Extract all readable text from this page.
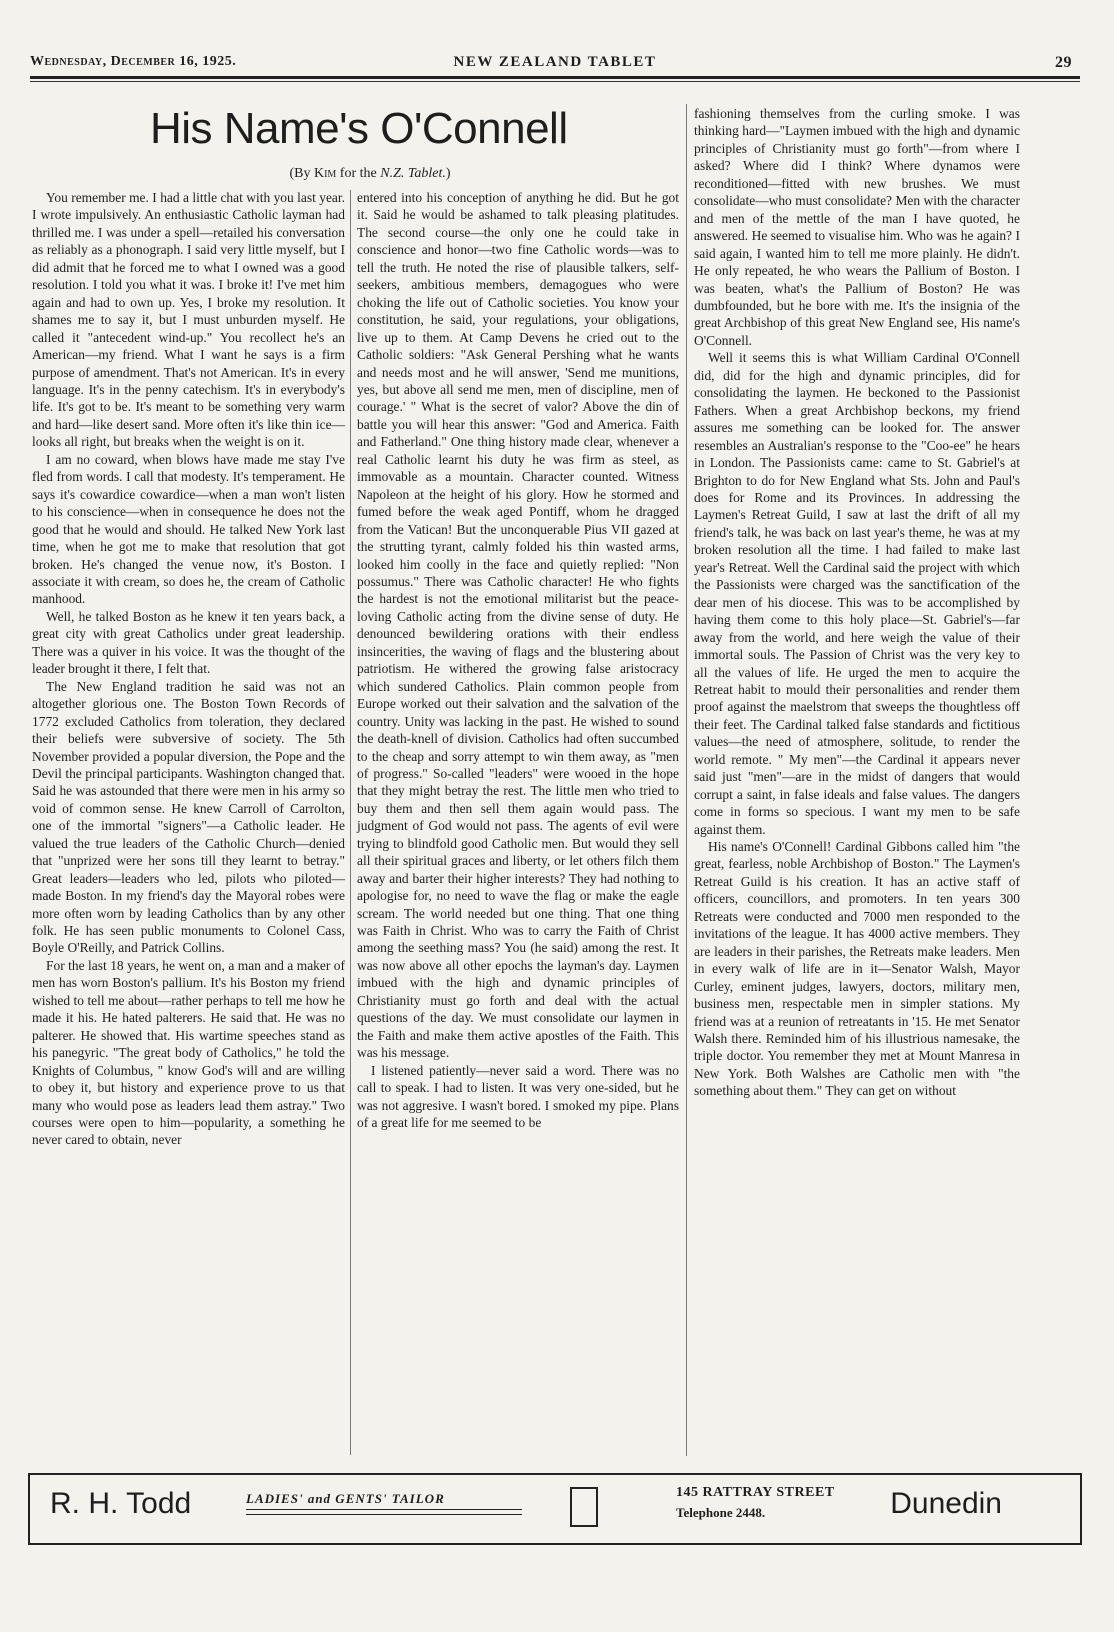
Wednesday, December 16, 1925.	NEW ZEALAND TABLET	29
His Name's O'Connell
(By Kim for the N.Z. Tablet.)

You remember me. I had a little chat with you last year. I wrote impulsively. An enthusiastic Catholic layman had thrilled me. I was under a spell—retailed his conversation as reliably as a phonograph. I said very little myself, but I did admit that he forced me to what I owned was a good resolution. I told you what it was. I broke it! I've met him again and had to own up. Yes, I broke my resolution. It shames me to say it, but I must unburden myself. He called it "antecedent wind-up." You recollect he's an American—my friend. What I want he says is a firm purpose of amendment. That's not American. It's in every language. It's in the penny catechism. It's in everybody's life. It's got to be. It's meant to be something very warm and hard—like desert sand. More often it's like thin ice—looks all right, but breaks when the weight is on it.

I am no coward, when blows have made me stay I've fled from words. I call that modesty. It's temperament. He says it's cowardice cowardice—when a man won't listen to his conscience—when in consequence he does not the good that he would and should. He talked New York last time, when he got me to make that resolution that got broken. He's changed the venue now, it's Boston. I associate it with cream, so does he, the cream of Catholic manhood.

Well, he talked Boston as he knew it ten years back, a great city with great Catholics under great leadership. There was a quiver in his voice. It was the thought of the leader brought it there, I felt that.

The New England tradition he said was not an altogether glorious one. The Boston Town Records of 1772 excluded Catholics from toleration, they declared their beliefs were subversive of society. The 5th November provided a popular diversion, the Pope and the Devil the principal participants. Washington changed that. Said he was astounded that there were men in his army so void of common sense. He knew Carroll of Carrolton, one of the immortal "signers"—a Catholic leader. He valued the true leaders of the Catholic Church—denied that "unprized were her sons till they learnt to betray." Great leaders—leaders who led, pilots who piloted—made Boston. In my friend's day the Mayoral robes were more often worn by leading Catholics than by any other folk. He has seen public monuments to Colonel Cass, Boyle O'Reilly, and Patrick Collins.

For the last 18 years, he went on, a man and a maker of men has worn Boston's pallium. It's his Boston my friend wished to tell me about—rather perhaps to tell me how he made it his. He hated palterers. He said that. He was no palterer. He showed that. His wartime speeches stand as his panegyric. "The great body of Catholics," he told the Knights of Columbus, " know God's will and are willing to obey it, but history and experience prove to us that many who would pose as leaders lead them astray." Two courses were open to him—popularity, a something he never cared to obtain, never

entered into his conception of anything he did. But he got it. Said he would be ashamed to talk pleasing platitudes. The second course—the only one he could take in conscience and honor—two fine Catholic words—was to tell the truth. He noted the rise of plausible talkers, self-seekers, ambitious members, demagogues who were choking the life out of Catholic societies. You know your constitution, he said, your regulations, your obligations, live up to them. At Camp Devens he cried out to the Catholic soldiers: "Ask General Pershing what he wants and needs most and he will answer, 'Send me munitions, yes, but above all send me men, men of discipline, men of courage.' " What is the secret of valor? Above the din of battle you will hear this answer: "God and America. Faith and Fatherland." One thing history made clear, whenever a real Catholic learnt his duty he was firm as steel, as immovable as a mountain. Character counted. Witness Napoleon at the height of his glory. How he stormed and fumed before the weak aged Pontiff, whom he dragged from the Vatican! But the unconquerable Pius VII gazed at the strutting tyrant, calmly folded his thin wasted arms, looked him coolly in the face and quietly replied: "Non possumus." There was Catholic character! He who fights the hardest is not the emotional militarist but the peace-loving Catholic acting from the divine sense of duty. He denounced bewildering orations with their endless insincerities, the waving of flags and the blustering about patriotism. He withered the growing false aristocracy which sundered Catholics. Plain common people from Europe worked out their salvation and the salvation of the country. Unity was lacking in the past. He wished to sound the death-knell of division. Catholics had often succumbed to the cheap and sorry attempt to win them away, as "men of progress." So-called "leaders" were wooed in the hope that they might betray the rest. The little men who tried to buy them and then sell them again would pass. The judgment of God would not pass. The agents of evil were trying to blindfold good Catholic men. But would they sell all their spiritual graces and liberty, or let others filch them away and barter their higher interests? They had nothing to apologise for, no need to wave the flag or make the eagle scream. The world needed but one thing. That one thing was Faith in Christ. Who was to carry the Faith of Christ among the seething mass? You (he said) among the rest. It was now above all other epochs the layman's day. Laymen imbued with the high and dynamic principles of Christianity must go forth and deal with the actual questions of the day. We must consolidate our laymen in the Faith and make them active apostles of the Faith. This was his message.

I listened patiently—never said a word. There was no call to speak. I had to listen. It was very one-sided, but he was not aggresive. I wasn't bored. I smoked my pipe. Plans of a great life for me seemed to be

fashioning themselves from the curling smoke. I was thinking hard—"Laymen imbued with the high and dynamic principles of Christianity must go forth"—from where I asked? Where did I think? Where dynamos were reconditioned—fitted with new brushes. We must consolidate—who must consolidate? Men with the character and men of the mettle of the man I have quoted, he answered. He seemed to visualise him. Who was he again? I said again, I wanted him to tell me more plainly. He didn't. He only repeated, he who wears the Pallium of Boston. I was beaten, what's the Pallium of Boston? He was dumbfounded, but he bore with me. It's the insignia of the great Archbishop of this great New England see, His name's O'Connell.

Well it seems this is what William Cardinal O'Connell did, did for the high and dynamic principles, did for consolidating the laymen. He beckoned to the Passionist Fathers. When a great Archbishop beckons, my friend assures me something can be looked for. The answer resembles an Australian's response to the "Coo-ee" he hears in London. The Passionists came: came to St. Gabriel's at Brighton to do for New England what Sts. John and Paul's does for Rome and its Provinces. In addressing the Laymen's Retreat Guild, I saw at last the drift of all my friend's talk, he was back on last year's theme, he was at my broken resolution all the time. I had failed to make last year's Retreat. Well the Cardinal said the project with which the Passionists were charged was the sanctification of the dear men of his diocese. This was to be accomplished by having them come to this holy place—St. Gabriel's—far away from the world, and here weigh the value of their immortal souls. The Passion of Christ was the very key to all the values of life. He urged the men to acquire the Retreat habit to mould their personalities and render them proof against the maelstrom that sweeps the thoughtless off their feet. The Cardinal talked false standards and fictitious values—the need of atmosphere, solitude, to render the world remote. " My men"—the Cardinal it appears never said just "men"—are in the midst of dangers that would corrupt a saint, in false ideals and false values. The dangers come in forms so specious. I want my men to be safe against them.

His name's O'Connell! Cardinal Gibbons called him "the great, fearless, noble Archbishop of Boston." The Laymen's Retreat Guild is his creation. It has an active staff of officers, councillors, and promoters. In ten years 300 Retreats were conducted and 7000 men responded to the invitations of the league. It has 4000 active members. They are leaders in their parishes, the Retreats make leaders. Men in every walk of life are in it—Senator Walsh, Mayor Curley, eminent judges, lawyers, doctors, military men, business men, respectable men in simpler stations. My friend was at a reunion of retreatants in '15. He met Senator Walsh there. Reminded him of his illustrious namesake, the triple doctor. You remember they met at Mount Manresa in New York. Both Walshes are Catholic men with "the something about them." They can get on without

R. H. Todd	LADIES' and GENTS' TAILOR	145 RATTRAY STREET
Telephone 2448.	Dunedin
